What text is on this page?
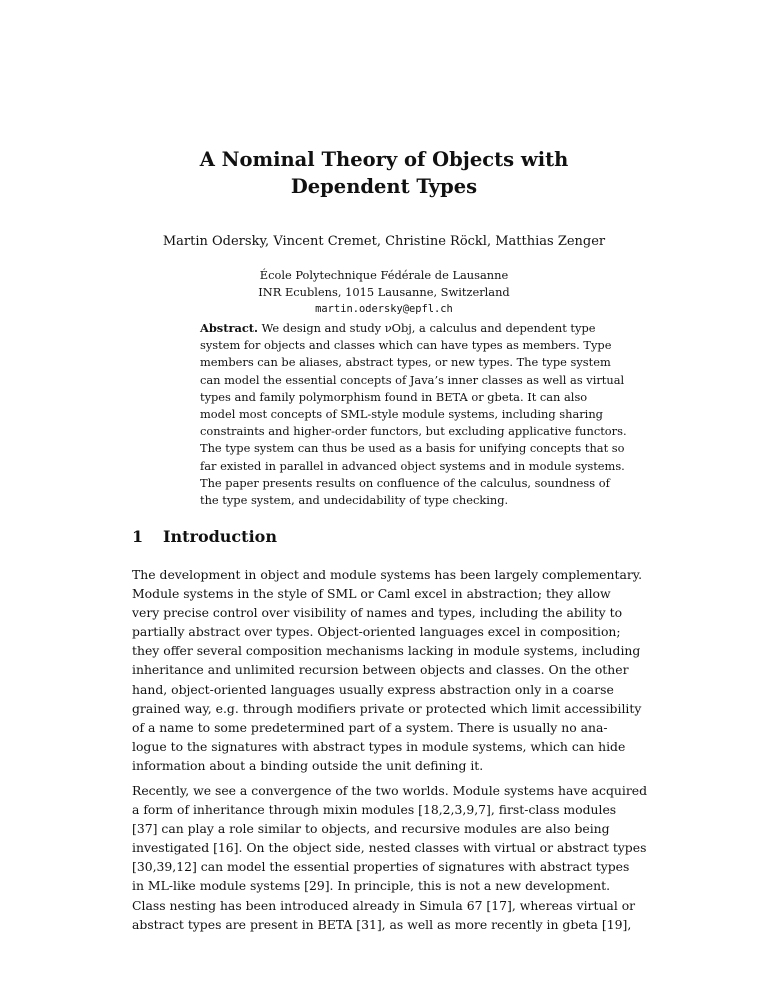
A Nominal Theory of Objects with
Dependent Types
Martin Odersky, Vincent Cremet, Christine Röckl, Matthias Zenger
École Polytechnique Fédérale de Lausanne
INR Ecublens, 1015 Lausanne, Switzerland
martin.odersky@epfl.ch
Abstract. We design and study νObj, a calculus and dependent type
system for objects and classes which can have types as members. Type
members can be aliases, abstract types, or new types. The type system
can model the essential concepts of Java’s inner classes as well as virtual
types and family polymorphism found in BETA or gbeta. It can also
model most concepts of SML-style module systems, including sharing
constraints and higher-order functors, but excluding applicative functors.
The type system can thus be used as a basis for unifying concepts that so
far existed in parallel in advanced object systems and in module systems.
The paper presents results on confluence of the calculus, soundness of
the type system, and undecidability of type checking.
1 Introduction
The development in object and module systems has been largely complementary.
Module systems in the style of SML or Caml excel in abstraction; they allow
very precise control over visibility of names and types, including the ability to
partially abstract over types. Object-oriented languages excel in composition;
they offer several composition mechanisms lacking in module systems, including
inheritance and unlimited recursion between objects and classes. On the other
hand, object-oriented languages usually express abstraction only in a coarse
grained way, e.g. through modifiers private or protected which limit accessibility
of a name to some predetermined part of a system. There is usually no ana-
logue to the signatures with abstract types in module systems, which can hide
information about a binding outside the unit defining it.
Recently, we see a convergence of the two worlds. Module systems have acquired
a form of inheritance through mixin modules [18,2,3,9,7], first-class modules
[37] can play a role similar to objects, and recursive modules are also being
investigated [16]. On the object side, nested classes with virtual or abstract types
[30,39,12] can model the essential properties of signatures with abstract types
in ML-like module systems [29]. In principle, this is not a new development.
Class nesting has been introduced already in Simula 67 [17], whereas virtual or
abstract types are present in BETA [31], as well as more recently in gbeta [19],
